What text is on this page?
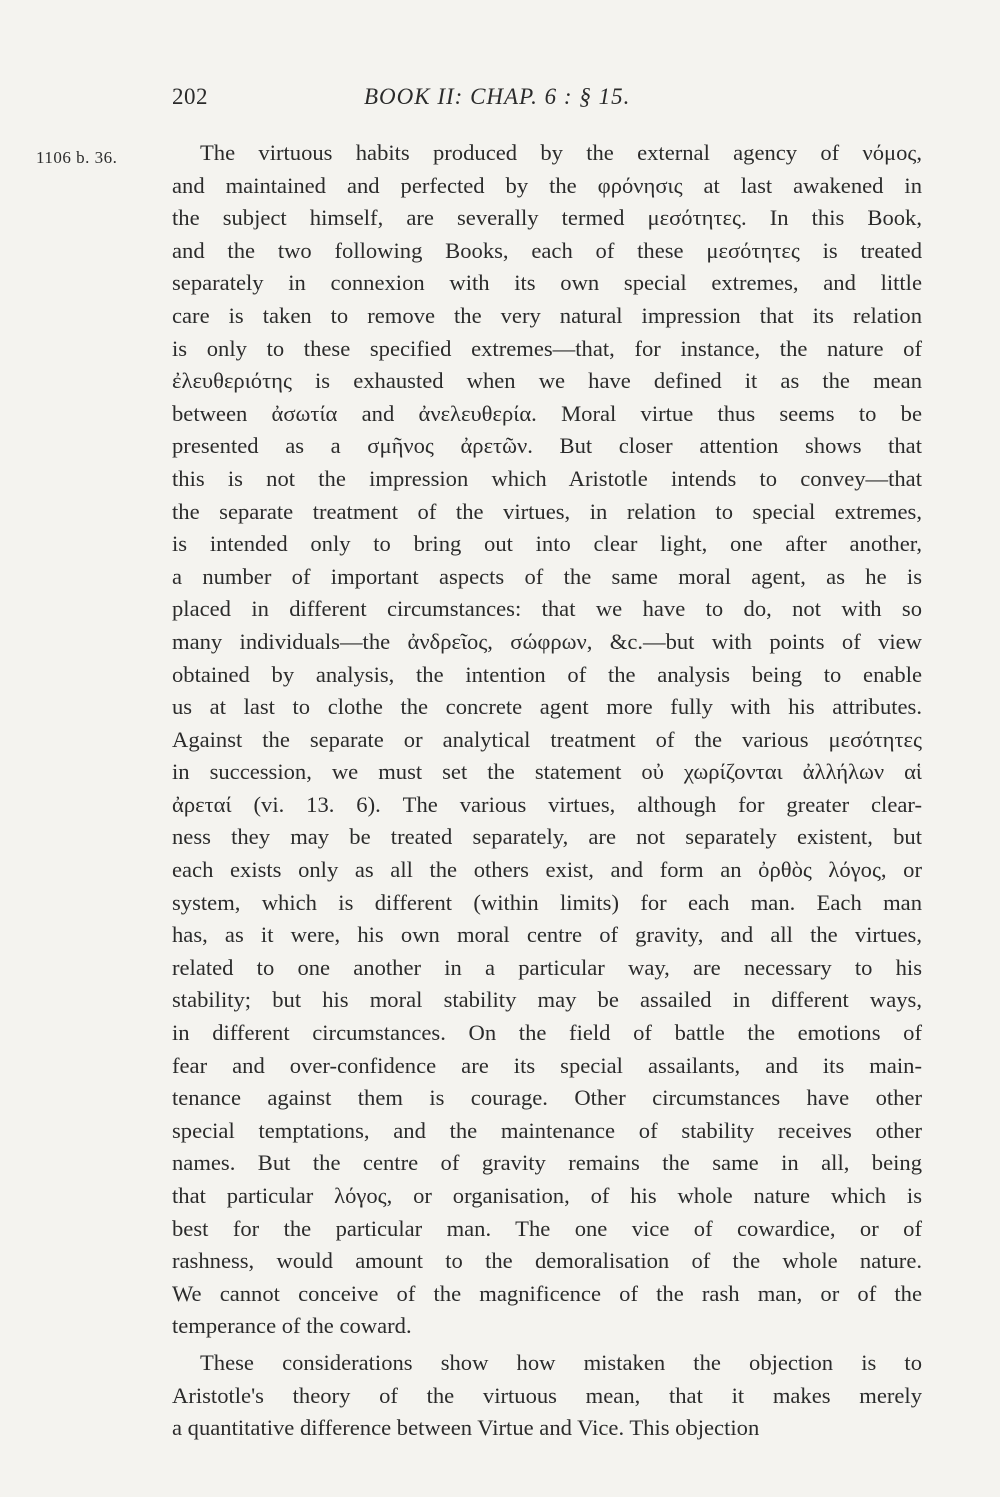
202	BOOK II: CHAP. 6 : § 15.
1106 b. 36.	The virtuous habits produced by the external agency of νόμος,
and maintained and perfected by the φρόνησις at last awakened in
the subject himself, are severally termed μεσότητες. In this Book,
and the two following Books, each of these μεσότητες is treated
separately in connexion with its own special extremes, and little
care is taken to remove the very natural impression that its relation
is only to these specified extremes—that, for instance, the nature of
ἐλευθεριότης is exhausted when we have defined it as the mean
between ἀσωτία and ἀνελευθερία. Moral virtue thus seems to be
presented as a σμῆνος ἀρετῶν. But closer attention shows that
this is not the impression which Aristotle intends to convey—that
the separate treatment of the virtues, in relation to special extremes,
is intended only to bring out into clear light, one after another,
a number of important aspects of the same moral agent, as he is
placed in different circumstances: that we have to do, not with so
many individuals—the ἀνδρεῖος, σώφρων, &c.—but with points of view
obtained by analysis, the intention of the analysis being to enable
us at last to clothe the concrete agent more fully with his attributes.
Against the separate or analytical treatment of the various μεσότητες
in succession, we must set the statement οὐ χωρίζονται ἀλλήλων αἱ
ἀρεταί (vi. 13. 6). The various virtues, although for greater clear-
ness they may be treated separately, are not separately existent, but
each exists only as all the others exist, and form an ὀρθὸς λόγος, or
system, which is different (within limits) for each man. Each man
has, as it were, his own moral centre of gravity, and all the virtues,
related to one another in a particular way, are necessary to his
stability; but his moral stability may be assailed in different ways,
in different circumstances. On the field of battle the emotions of
fear and over-confidence are its special assailants, and its main-
tenance against them is courage. Other circumstances have other
special temptations, and the maintenance of stability receives other
names. But the centre of gravity remains the same in all, being
that particular λόγος, or organisation, of his whole nature which is
best for the particular man. The one vice of cowardice, or of
rashness, would amount to the demoralisation of the whole nature.
We cannot conceive of the magnificence of the rash man, or of the
temperance of the coward.
These considerations show how mistaken the objection is to
Aristotle's theory of the virtuous mean, that it makes merely
a quantitative difference between Virtue and Vice. This objection
